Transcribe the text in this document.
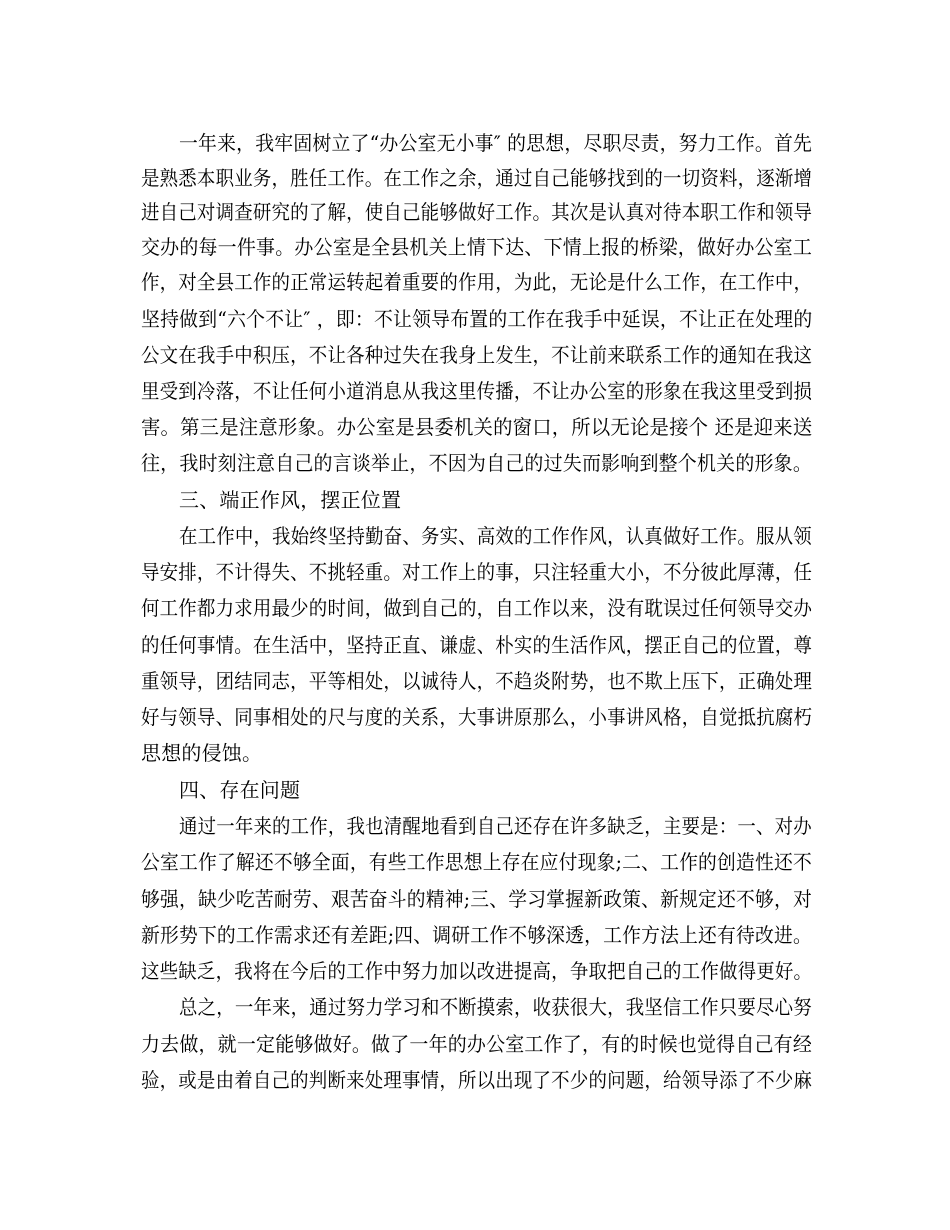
一年来，我牢固树立了“办公室无小事″ 的思想，尽职尽责，努力工作。首先
是熟悉本职业务，胜任工作。在工作之余，通过自己能够找到的一切资料，逐渐增
进自己对调查研究的了解，使自己能够做好工作。其次是认真对待本职工作和领导
交办的每一件事。办公室是全县机关上情下达、下情上报的桥梁，做好办公室工
作，对全县工作的正常运转起着重要的作用，为此，无论是什么工作，在工作中，
坚持做到“六个不让″ ，即：不让领导布置的工作在我手中延误，不让正在处理的
公文在我手中积压，不让各种过失在我身上发生，不让前来联系工作的通知在我这
里受到冷落，不让任何小道消息从我这里传播，不让办公室的形象在我这里受到损
害。第三是注意形象。办公室是县委机关的窗口，所以无论是接个 还是迎来送
往，我时刻注意自己的言谈举止，不因为自己的过失而影响到整个机关的形象。
三、端正作风，摆正位置
在工作中，我始终坚持勤奋、务实、高效的工作作风，认真做好工作。服从领
导安排，不计得失、不挑轻重。对工作上的事，只注轻重大小，不分彼此厚薄，任
何工作都力求用最少的时间，做到自己的，自工作以来，没有耽误过任何领导交办
的任何事情。在生活中，坚持正直、谦虚、朴实的生活作风，摆正自己的位置，尊
重领导，团结同志，平等相处，以诚待人，不趋炎附势，也不欺上压下，正确处理
好与领导、同事相处的尺与度的关系，大事讲原那么，小事讲风格，自觉抵抗腐朽
思想的侵蚀。
四、存在问题
通过一年来的工作，我也清醒地看到自己还存在许多缺乏，主要是：一、对办
公室工作了解还不够全面，有些工作思想上存在应付现象;二、工作的创造性还不
够强，缺少吃苦耐劳、艰苦奋斗的精神;三、学习掌握新政策、新规定还不够，对
新形势下的工作需求还有差距;四、调研工作不够深透，工作方法上还有待改进。
这些缺乏，我将在今后的工作中努力加以改进提高，争取把自己的工作做得更好。
总之，一年来，通过努力学习和不断摸索，收获很大，我坚信工作只要尽心努
力去做，就一定能够做好。做了一年的办公室工作了，有的时候也觉得自己有经
验，或是由着自己的判断来处理事情，所以出现了不少的问题，给领导添了不少麻
